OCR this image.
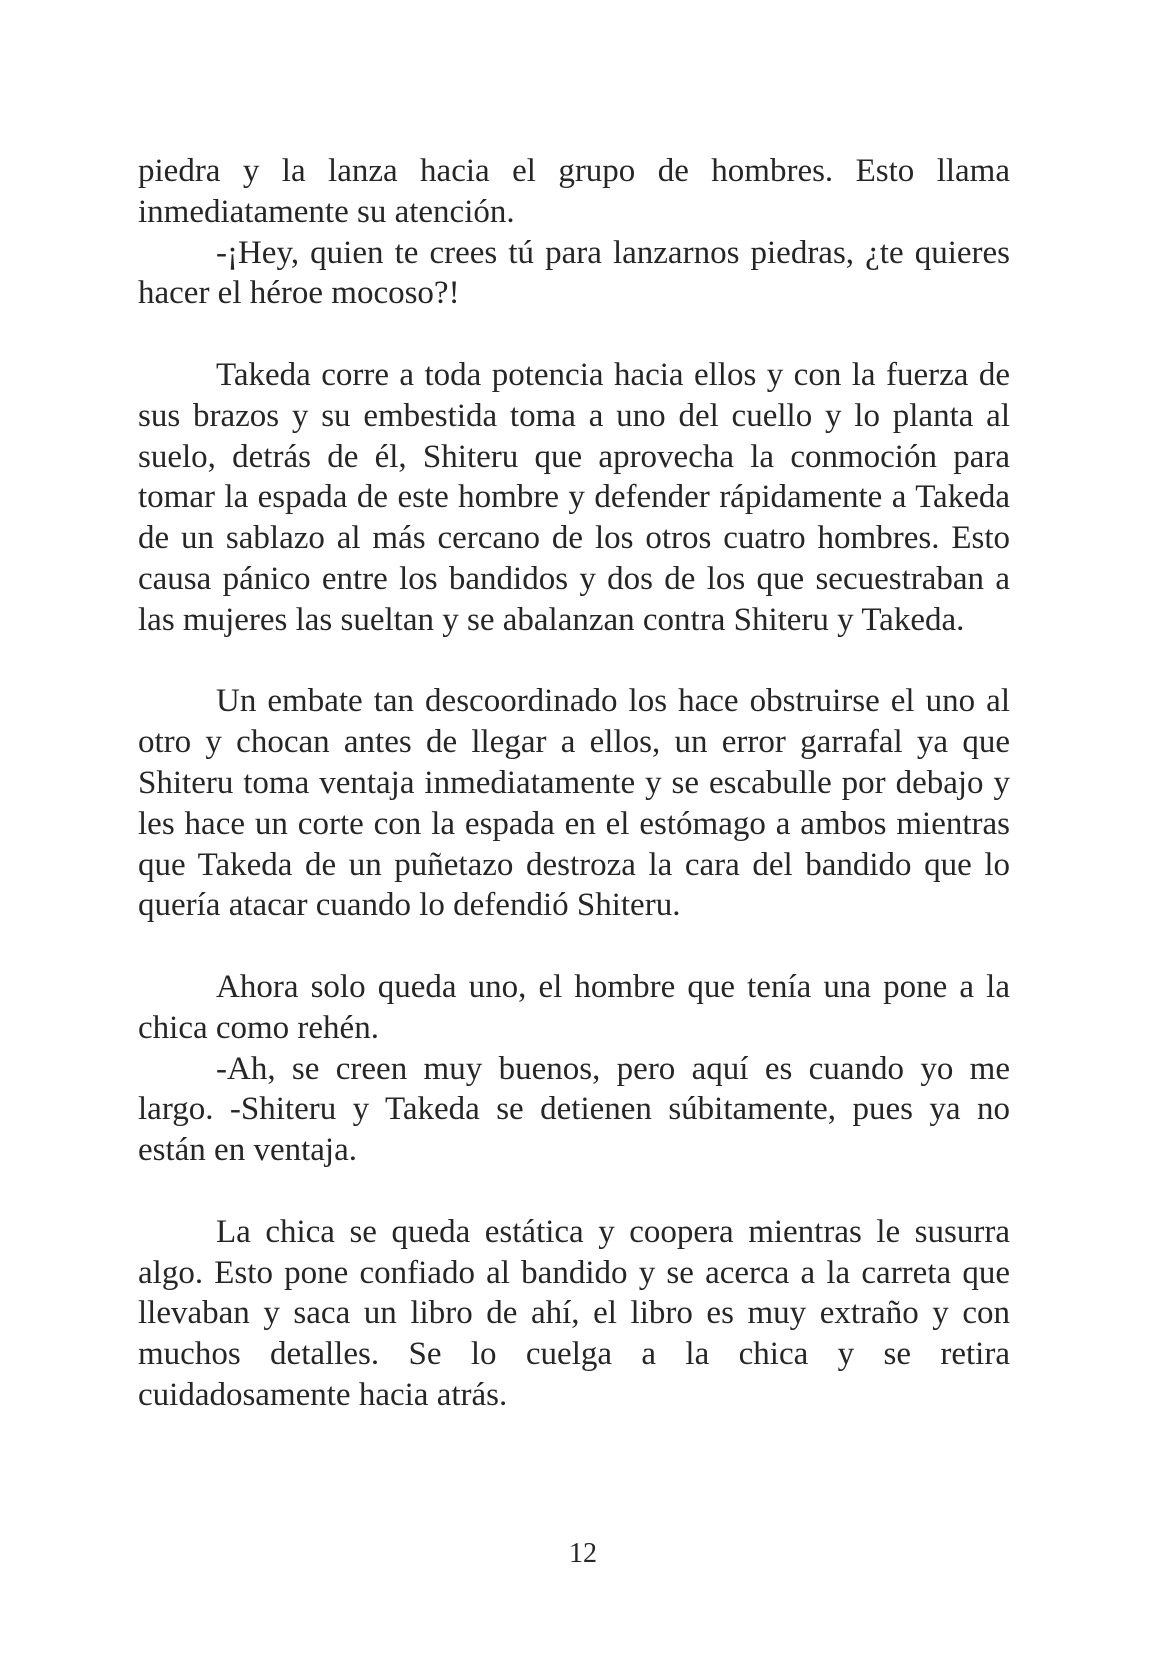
piedra y la lanza hacia el grupo de hombres. Esto llama inmediatamente su atención.

-¡Hey, quien te crees tú para lanzarnos piedras, ¿te quieres hacer el héroe mocoso?!

Takeda corre a toda potencia hacia ellos y con la fuerza de sus brazos y su embestida toma a uno del cuello y lo planta al suelo, detrás de él, Shiteru que aprovecha la conmoción para tomar la espada de este hombre y defender rápidamente a Takeda de un sablazo al más cercano de los otros cuatro hombres. Esto causa pánico entre los bandidos y dos de los que secuestraban a las mujeres las sueltan y se abalanzan contra Shiteru y Takeda.

Un embate tan descoordinado los hace obstruirse el uno al otro y chocan antes de llegar a ellos, un error garrafal ya que Shiteru toma ventaja inmediatamente y se escabulle por debajo y les hace un corte con la espada en el estómago a ambos mientras que Takeda de un puñetazo destroza la cara del bandido que lo quería atacar cuando lo defendió Shiteru.

Ahora solo queda uno, el hombre que tenía una pone a la chica como rehén.

-Ah, se creen muy buenos, pero aquí es cuando yo me largo. -Shiteru y Takeda se detienen súbitamente, pues ya no están en ventaja.

La chica se queda estática y coopera mientras le susurra algo. Esto pone confiado al bandido y se acerca a la carreta que llevaban y saca un libro de ahí, el libro es muy extraño y con muchos detalles. Se lo cuelga a la chica y se retira cuidadosamente hacia atrás.

12
